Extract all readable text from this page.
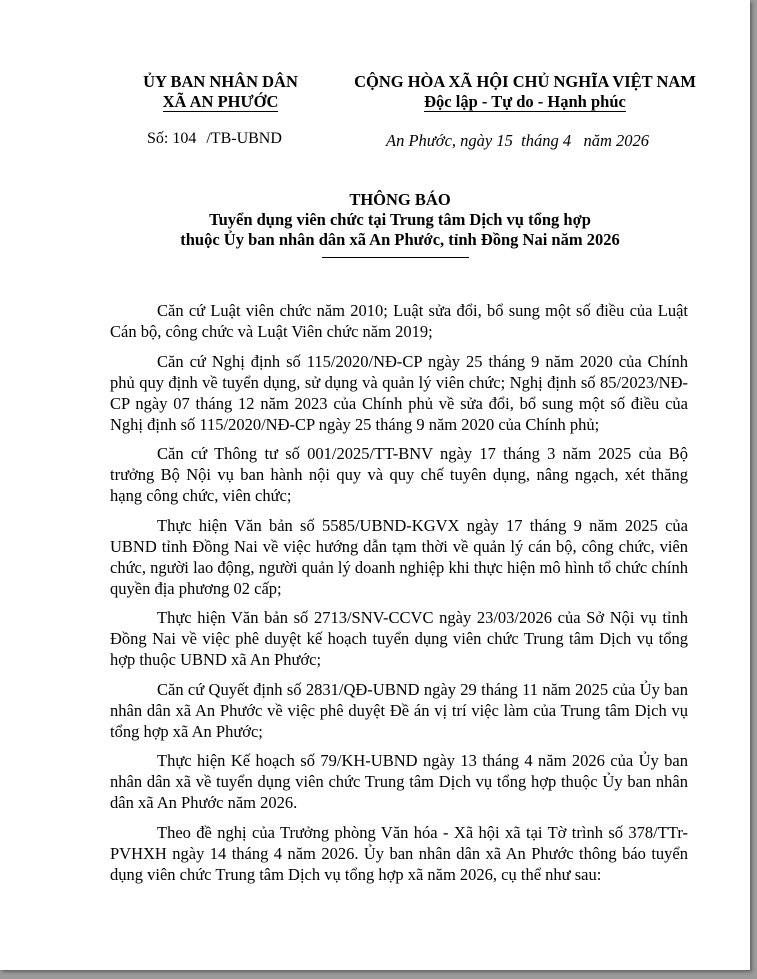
ỦY BAN NHÂN DÂN
XÃ AN PHƯỚC
CỘNG HÒA XÃ HỘI CHỦ NGHĨA VIỆT NAM
Độc lập - Tự do - Hạnh phúc
Số: 104 /TB-UBND	An Phước, ngày 15  tháng 4   năm 2026
THÔNG BÁO
Tuyển dụng viên chức tại Trung tâm Dịch vụ tổng hợp
thuộc Ủy ban nhân dân xã An Phước, tỉnh Đồng Nai năm 2026

Căn cứ Luật viên chức năm 2010; Luật sửa đổi, bổ sung một số điều của Luật Cán bộ, công chức và Luật Viên chức năm 2019;

Căn cứ Nghị định số 115/2020/NĐ-CP ngày 25 tháng 9 năm 2020 của Chính phủ quy định về tuyển dụng, sử dụng và quản lý viên chức; Nghị định số 85/2023/NĐ-CP ngày 07 tháng 12 năm 2023 của Chính phủ về sửa đổi, bổ sung một số điều của Nghị định số 115/2020/NĐ-CP ngày 25 tháng 9 năm 2020 của Chính phủ;

Căn cứ Thông tư số 001/2025/TT-BNV ngày 17 tháng 3 năm 2025 của Bộ trưởng Bộ Nội vụ ban hành nội quy và quy chế tuyên dụng, nâng ngạch, xét thăng hạng công chức, viên chức;

Thực hiện Văn bản số 5585/UBND-KGVX ngày 17 tháng 9 năm 2025 của UBND tỉnh Đồng Nai về việc hướng dẫn tạm thời về quản lý cán bộ, công chức, viên chức, người lao động, người quản lý doanh nghiệp khi thực hiện mô hình tổ chức chính quyền địa phương 02 cấp;

Thực hiện Văn bản số 2713/SNV-CCVC ngày 23/03/2026 của Sở Nội vụ tỉnh Đồng Nai về việc phê duyệt kế hoạch tuyển dụng viên chức Trung tâm Dịch vụ tổng hợp thuộc UBND xã An Phước;

Căn cứ Quyết định số 2831/QĐ-UBND ngày 29 tháng 11 năm 2025 của Ủy ban nhân dân xã An Phước về việc phê duyệt Đề án vị trí việc làm của Trung tâm Dịch vụ tổng hợp xã An Phước;

Thực hiện Kế hoạch số 79/KH-UBND ngày 13 tháng 4 năm 2026 của Ủy ban nhân dân xã về tuyển dụng viên chức Trung tâm Dịch vụ tổng hợp thuộc Ủy ban nhân dân xã An Phước năm 2026.

Theo đề nghị của Trưởng phòng Văn hóa - Xã hội xã tại Tờ trình số 378/TTr-PVHXH ngày 14 tháng 4 năm 2026. Ủy ban nhân dân xã An Phước thông báo tuyển dụng viên chức Trung tâm Dịch vụ tổng hợp xã năm 2026, cụ thể như sau:
